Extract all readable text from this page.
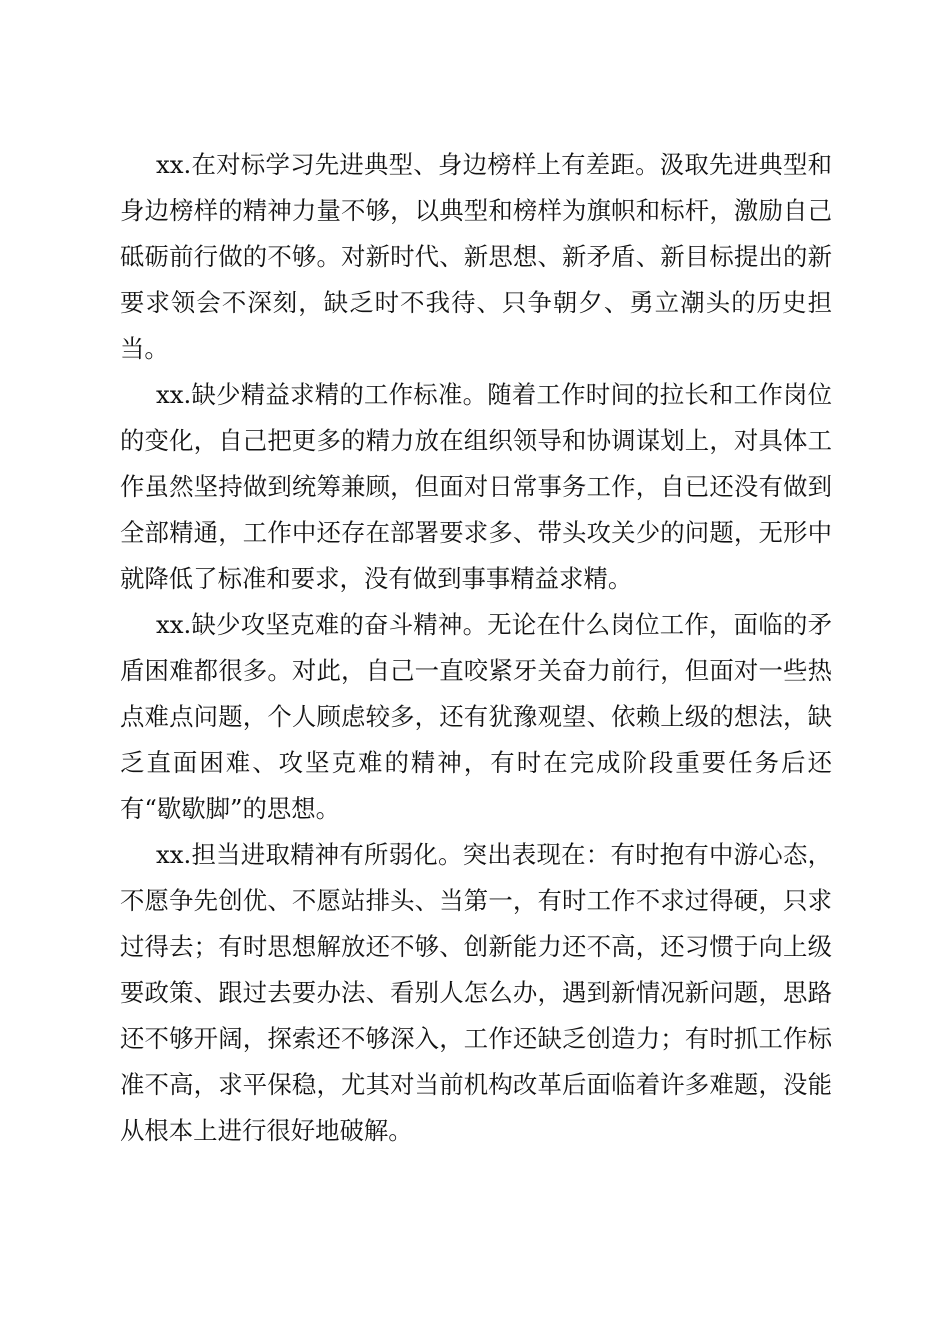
xx.在对标学习先进典型、身边榜样上有差距。汲取先进典型和身边榜样的精神力量不够，以典型和榜样为旗帜和标杆，激励自己砥砺前行做的不够。对新时代、新思想、新矛盾、新目标提出的新要求领会不深刻，缺乏时不我待、只争朝夕、勇立潮头的历史担当。

xx.缺少精益求精的工作标准。随着工作时间的拉长和工作岗位的变化，自己把更多的精力放在组织领导和协调谋划上，对具体工作虽然坚持做到统筹兼顾，但面对日常事务工作，自已还没有做到全部精通，工作中还存在部署要求多、带头攻关少的问题，无形中就降低了标准和要求，没有做到事事精益求精。

xx.缺少攻坚克难的奋斗精神。无论在什么岗位工作，面临的矛盾困难都很多。对此，自己一直咬紧牙关奋力前行，但面对一些热点难点问题，个人顾虑较多，还有犹豫观望、依赖上级的想法，缺乏直面困难、攻坚克难的精神，有时在完成阶段重要任务后还有“歇歇脚”的思想。

xx.担当进取精神有所弱化。突出表现在：有时抱有中游心态，不愿争先创优、不愿站排头、当第一，有时工作不求过得硬，只求过得去；有时思想解放还不够、创新能力还不高，还习惯于向上级要政策、跟过去要办法、看别人怎么办，遇到新情况新问题，思路还不够开阔，探索还不够深入，工作还缺乏创造力；有时抓工作标准不高，求平保稳，尤其对当前机构改革后面临着许多难题，没能从根本上进行很好地破解。
